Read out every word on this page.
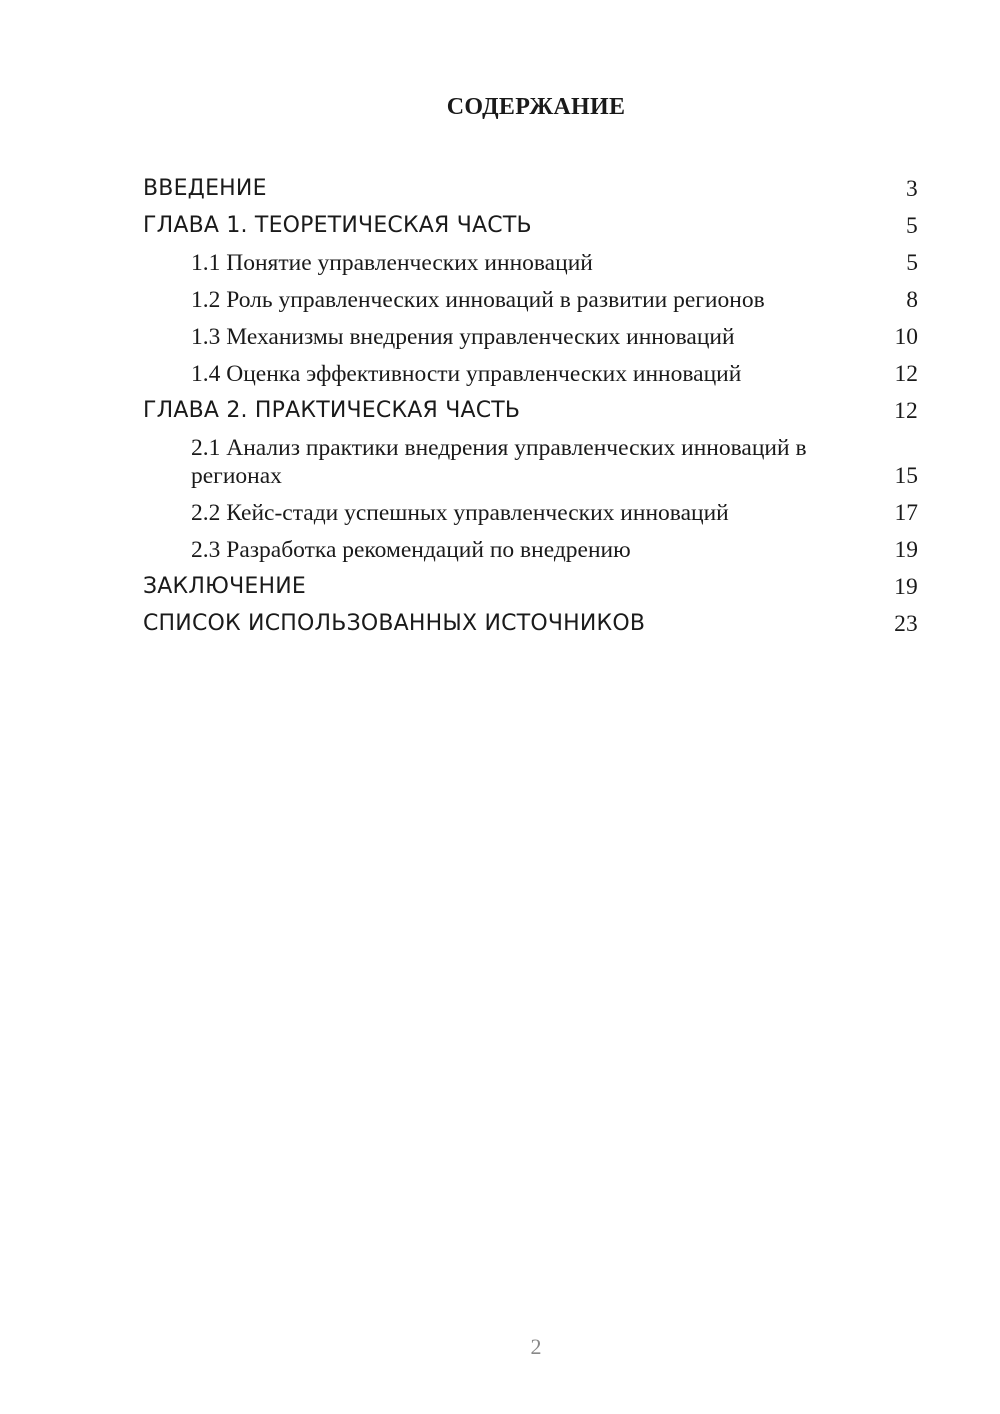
СОДЕРЖАНИЕ
ВВЕДЕНИЕ	3
ГЛАВА 1. ТЕОРЕТИЧЕСКАЯ ЧАСТЬ	5
1.1 Понятие управленческих инноваций	5
1.2 Роль управленческих инноваций в развитии регионов	8
1.3 Механизмы внедрения управленческих инноваций	10
1.4 Оценка эффективности управленческих инноваций	12
ГЛАВА 2. ПРАКТИЧЕСКАЯ ЧАСТЬ	12
2.1 Анализ практики внедрения управленческих инноваций в регионах	15
2.2 Кейс-стади успешных управленческих инноваций	17
2.3 Разработка рекомендаций по внедрению	19
ЗАКЛЮЧЕНИЕ	19
СПИСОК ИСПОЛЬЗОВАННЫХ ИСТОЧНИКОВ	23
2
